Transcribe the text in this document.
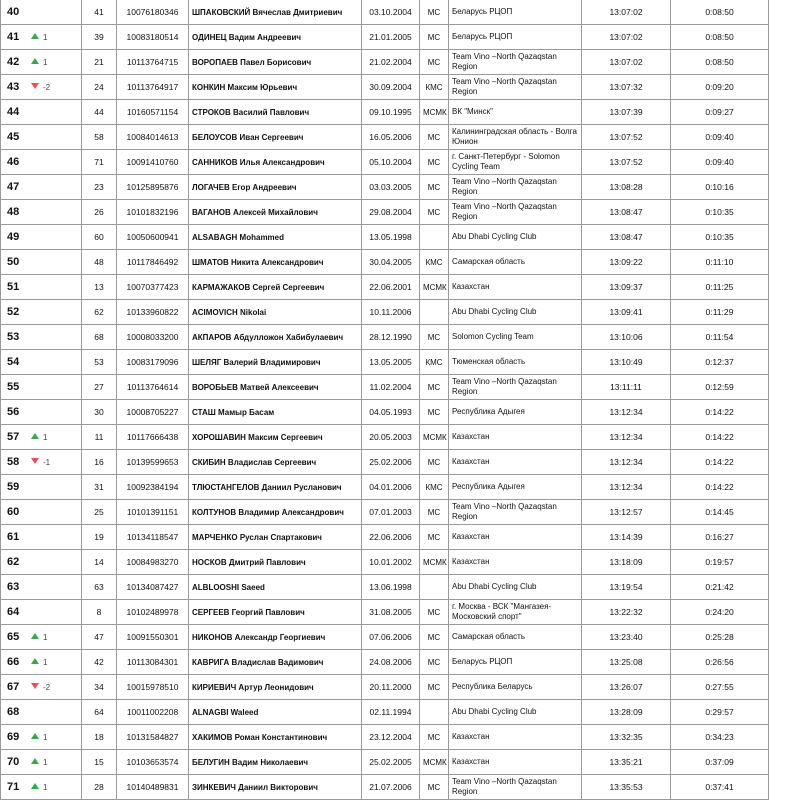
40	41	10076180346	ШПАКОВСКИЙ Вячеслав Дмитриевич	03.10.2004	МС	Беларусь РЦОП	13:07:02	0:08:50
41 1	39	10083180514	ОДИНЕЦ Вадим Андреевич	21.01.2005	МС	Беларусь РЦОП	13:07:02	0:08:50
42 1	21	10113764715	ВОРОПАЕВ Павел Борисович	21.02.2004	МС	Team Vino –North Qazaqstan Region	13:07:02	0:08:50
43 -2	24	10113764917	КОНКИН Максим Юрьевич	30.09.2004	КМС	Team Vino –North Qazaqstan Region	13:07:32	0:09:20
44	44	10160571154	СТРОКОВ Василий Павлович	09.10.1995	МСМК	ВК "Минск"	13:07:39	0:09:27
45	58	10084014613	БЕЛОУСОВ Иван Сергеевич	16.05.2006	МС	Калининградская область - Волга Юнион	13:07:52	0:09:40
46	71	10091410760	САННИКОВ Илья Александрович	05.10.2004	МС	г. Санкт-Петербург - Solomon Cycling Team	13:07:52	0:09:40
47	23	10125895876	ЛОГАЧЕВ Егор Андреевич	03.03.2005	МС	Team Vino –North Qazaqstan Region	13:08:28	0:10:16
48	26	10101832196	ВАГАНОВ Алексей Михайлович	29.08.2004	МС	Team Vino –North Qazaqstan Region	13:08:47	0:10:35
49	60	10050600941	ALSABAGH Mohammed	13.05.1998		Abu Dhabi Cycling Club	13:08:47	0:10:35
50	48	10117846492	ШМАТОВ Никита Александрович	30.04.2005	КМС	Самарская область	13:09:22	0:11:10
51	13	10070377423	КАРМАЖАКОВ Сергей Сергеевич	22.06.2001	МСМК	Казахстан	13:09:37	0:11:25
52	62	10133960822	ACIMOVICH Nikolai	10.11.2006		Abu Dhabi Cycling Club	13:09:41	0:11:29
53	68	10008033200	АКПАРОВ Абдулложон Хабибулаевич	28.12.1990	МС	Solomon Cycling Team	13:10:06	0:11:54
54	53	10083179096	ШЕЛЯГ Валерий Владимирович	13.05.2005	КМС	Тюменская область	13:10:49	0:12:37
55	27	10113764614	ВОРОБЬЕВ Матвей Алексеевич	11.02.2004	МС	Team Vino –North Qazaqstan Region	13:11:11	0:12:59
56	30	10008705227	СТАШ Мамыр Басам	04.05.1993	МС	Республика Адыгея	13:12:34	0:14:22
57 1	11	10117666438	ХОРОШАВИН Максим Сергеевич	20.05.2003	МСМК	Казахстан	13:12:34	0:14:22
58 -1	16	10139599653	СКИБИН Владислав Сергеевич	25.02.2006	МС	Казахстан	13:12:34	0:14:22
59	31	10092384194	ТЛЮСТАНГЕЛОВ Даниил Русланович	04.01.2006	КМС	Республика Адыгея	13:12:34	0:14:22
60	25	10101391151	КОЛТУНОВ Владимир Александрович	07.01.2003	МС	Team Vino –North Qazaqstan Region	13:12:57	0:14:45
61	19	10134118547	МАРЧЕНКО Руслан Спартакович	22.06.2006	МС	Казахстан	13:14:39	0:16:27
62	14	10084983270	НОСКОВ Дмитрий Павлович	10.01.2002	МСМК	Казахстан	13:18:09	0:19:57
63	63	10134087427	ALBLOOSHI Saeed	13.06.1998		Abu Dhabi Cycling Club	13:19:54	0:21:42
64	8	10102489978	СЕРГЕЕВ Георгий Павлович	31.08.2005	МС	г. Москва - ВСК "Мангазея-Московский спорт"	13:22:32	0:24:20
65 1	47	10091550301	НИКОНОВ Александр Георгиевич	07.06.2006	МС	Самарская область	13:23:40	0:25:28
66 1	42	10113084301	КАВРИГА Владислав Вадимович	24.08.2006	МС	Беларусь РЦОП	13:25:08	0:26:56
67 -2	34	10015978510	КИРИЕВИЧ Артур Леонидович	20.11.2000	МС	Республика Беларусь	13:26:07	0:27:55
68	64	10011002208	ALNAGBI Waleed	02.11.1994		Abu Dhabi Cycling Club	13:28:09	0:29:57
69 1	18	10131584827	ХАКИМОВ Роман Константинович	23.12.2004	МС	Казахстан	13:32:35	0:34:23
70 1	15	10103653574	БЕЛУГИН Вадим Николаевич	25.02.2005	МСМК	Казахстан	13:35:21	0:37:09
71 1	28	10140489831	ЗИНКЕВИЧ Даниил Викторович	21.07.2006	МС	Team Vino –North Qazaqstan Region	13:35:53	0:37:41
